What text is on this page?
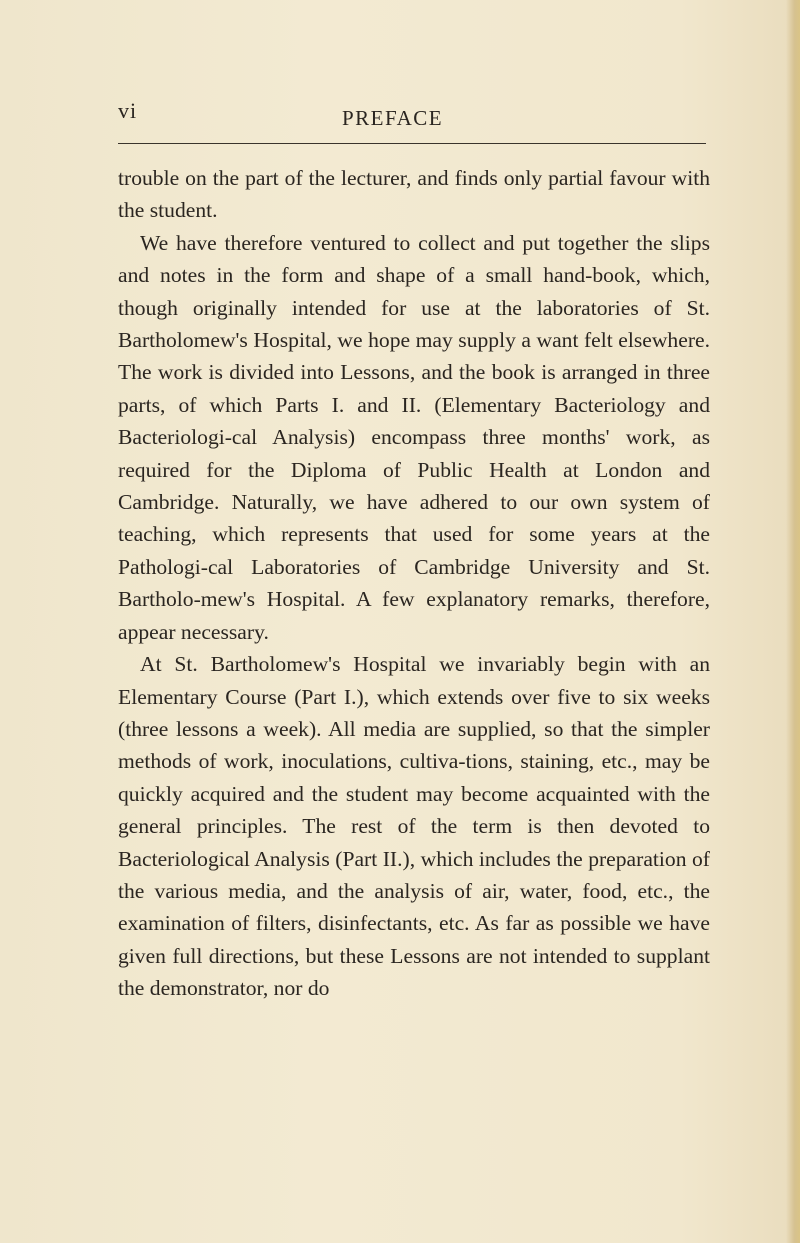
vi	PREFACE

trouble on the part of the lecturer, and finds only partial favour with the student.

We have therefore ventured to collect and put together the slips and notes in the form and shape of a small hand-book, which, though originally intended for use at the laboratories of St. Bartholomew's Hospital, we hope may supply a want felt elsewhere. The work is divided into Lessons, and the book is arranged in three parts, of which Parts I. and II. (Elementary Bacteriology and Bacteriologi-cal Analysis) encompass three months' work, as required for the Diploma of Public Health at London and Cambridge. Naturally, we have adhered to our own system of teaching, which represents that used for some years at the Pathologi-cal Laboratories of Cambridge University and St. Bartholo-mew's Hospital. A few explanatory remarks, therefore, appear necessary.

At St. Bartholomew's Hospital we invariably begin with an Elementary Course (Part I.), which extends over five to six weeks (three lessons a week). All media are supplied, so that the simpler methods of work, inoculations, cultiva-tions, staining, etc., may be quickly acquired and the student may become acquainted with the general principles. The rest of the term is then devoted to Bacteriological Analysis (Part II.), which includes the preparation of the various media, and the analysis of air, water, food, etc., the examination of filters, disinfectants, etc. As far as possible we have given full directions, but these Lessons are not intended to supplant the demonstrator, nor do
